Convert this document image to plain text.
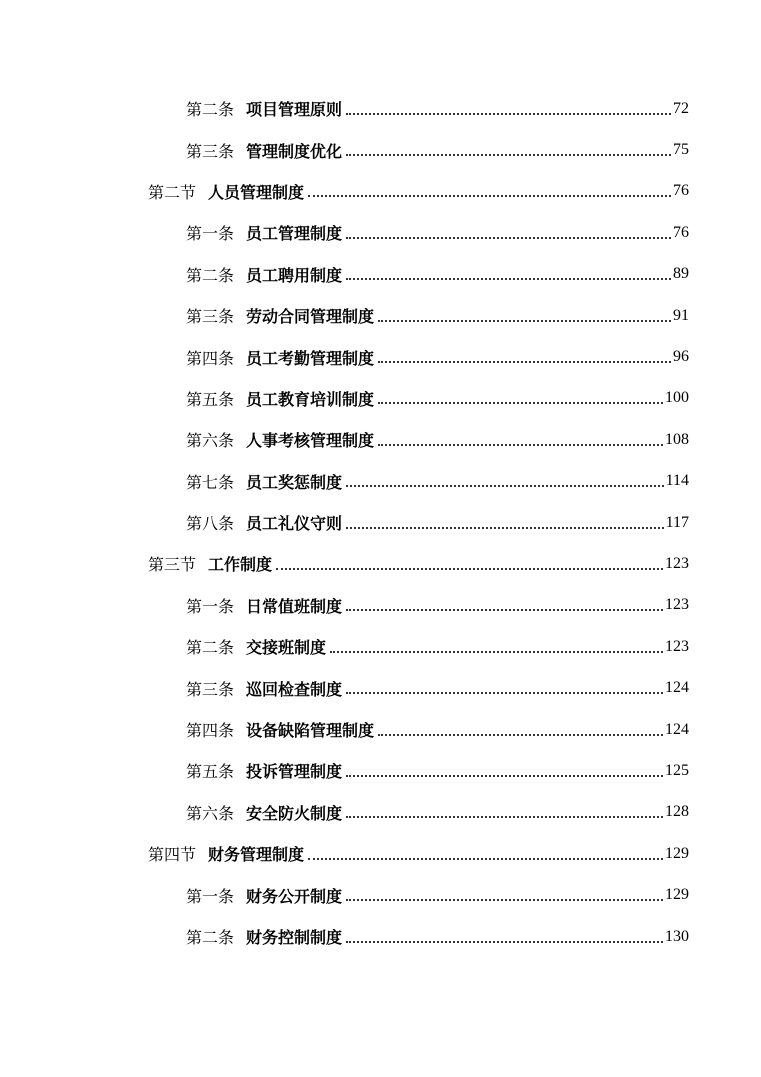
第二条 项目管理原则	72
第三条 管理制度优化	75
第二节 人员管理制度	76
第一条 员工管理制度	76
第二条 员工聘用制度	89
第三条 劳动合同管理制度	91
第四条 员工考勤管理制度	96
第五条 员工教育培训制度	100
第六条 人事考核管理制度	108
第七条 员工奖惩制度	114
第八条 员工礼仪守则	117
第三节 工作制度	123
第一条 日常值班制度	123
第二条 交接班制度	123
第三条 巡回检查制度	124
第四条 设备缺陷管理制度	124
第五条 投诉管理制度	125
第六条 安全防火制度	128
第四节 财务管理制度	129
第一条 财务公开制度	129
第二条 财务控制制度	130
